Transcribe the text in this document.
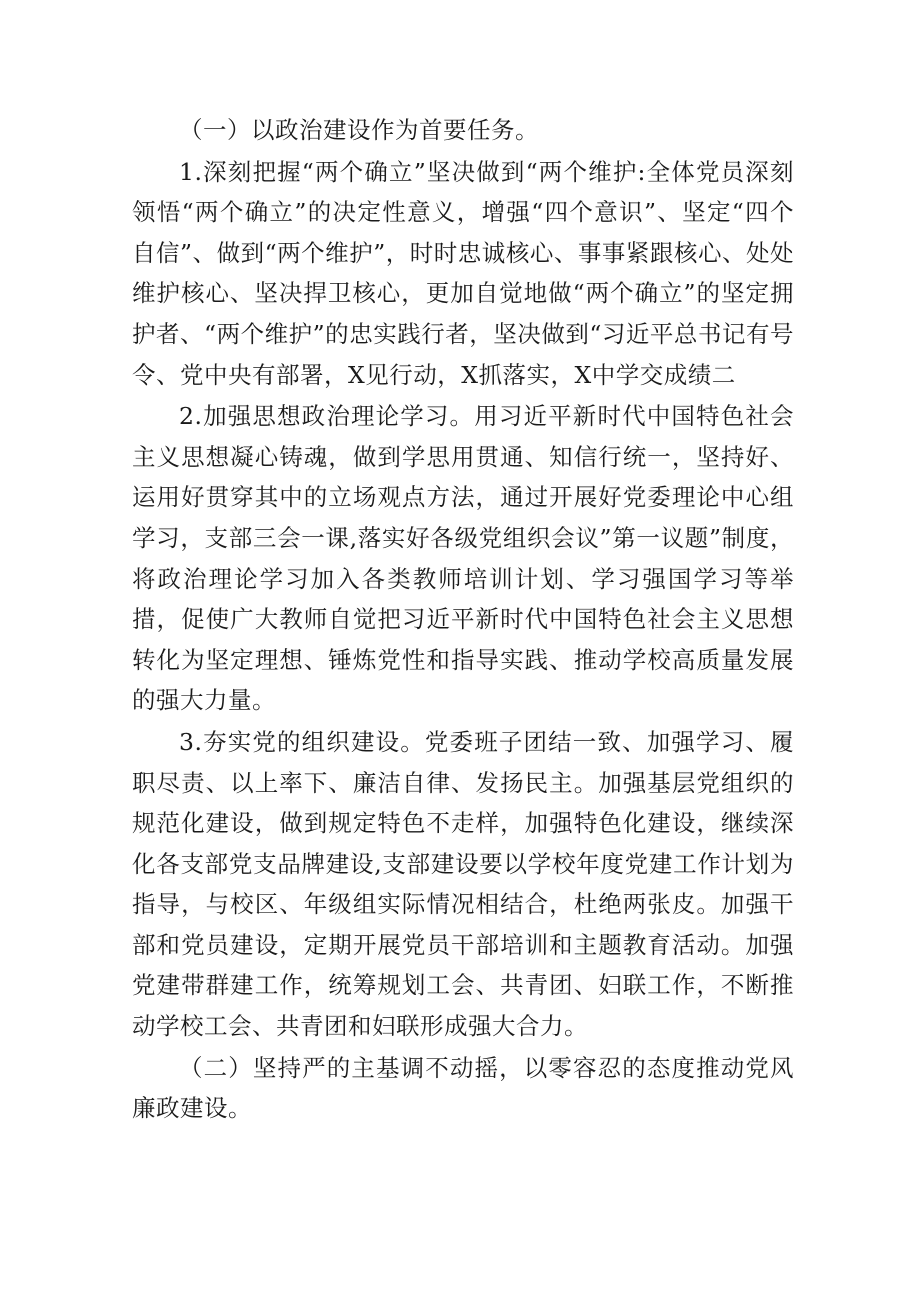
（一）以政治建设作为首要任务。

1.深刻把握“两个确立”坚决做到“两个维护:全体党员深刻领悟“两个确立”的决定性意义，增强“四个意识”、坚定“四个自信”、做到“两个维护”，时时忠诚核心、事事紧跟核心、处处维护核心、坚决捍卫核心，更加自觉地做“两个确立”的坚定拥护者、“两个维护”的忠实践行者，坚决做到“习近平总书记有号令、党中央有部署，X见行动，X抓落实，X中学交成绩二

2.加强思想政治理论学习。用习近平新时代中国特色社会主义思想凝心铸魂，做到学思用贯通、知信行统一，坚持好、运用好贯穿其中的立场观点方法，通过开展好党委理论中心组学习，支部三会一课,落实好各级党组织会议”第一议题”制度，将政治理论学习加入各类教师培训计划、学习强国学习等举措，促使广大教师自觉把习近平新时代中国特色社会主义思想转化为坚定理想、锤炼党性和指导实践、推动学校高质量发展的强大力量。

3.夯实党的组织建设。党委班子团结一致、加强学习、履职尽责、以上率下、廉洁自律、发扬民主。加强基层党组织的规范化建设，做到规定特色不走样，加强特色化建设，继续深化各支部党支品牌建设,支部建设要以学校年度党建工作计划为指导，与校区、年级组实际情况相结合，杜绝两张皮。加强干部和党员建设，定期开展党员干部培训和主题教育活动。加强党建带群建工作，统筹规划工会、共青团、妇联工作，不断推动学校工会、共青团和妇联形成强大合力。

（二）坚持严的主基调不动摇，以零容忍的态度推动党风廉政建设。
